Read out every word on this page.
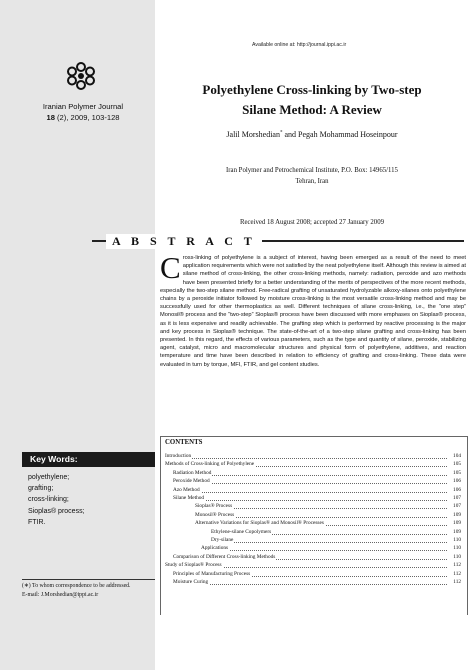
Iranian Polymer Journal
18 (2), 2009, 103-128
Available online at: http://journal.ippi.ac.ir
Polyethylene Cross-linking by Two-step
Silane Method: A Review
Jalil Morshedian* and Pegah Mohammad Hoseinpour
Iran Polymer and Petrochemical Institute, P.O. Box: 14965/115
Tehran, Iran
Received 18 August 2008; accepted 27 January 2009
A B S T R A C T
Cross-linking of polyethylene is a subject of interest, having been emerged as a result of the need to meet application requirements which were not satisfied by the neat polyethylene itself. Although this review is aimed at silane method of cross-linking, the other cross-linking methods, namely: radiation, peroxide and azo methods have been presented briefly for a better understanding of the merits of perspectives of the more recent methods, especially the two-step silane method. Free-radical grafting of unsaturated hydrolyzable alkoxy-silanes onto polyethylene chains by a peroxide initiator followed by moisture cross-linking is the most versatile cross-linking method and may be successfully used for other thermoplastics as well. Different techniques of silane cross-linking, i.e., the “one step” Monosil® process and the “two-step” Sioplas® process have been discussed with more emphases on Sioplas® process, as it is less expensive and readily achievable. The grafting step which is performed by reactive processing is the major and key process in Sioplas® technique. The state-of-the-art of a two-step silane grafting and cross-linking has been presented. In this regard, the effects of various parameters, such as the type and quantity of silane, peroxide, stabilizing agent, catalyst, micro and macromolecular structures and physical form of polyethylene, additives, and reaction temperature and time have been described in relation to efficiency of grafting and cross-linking. These data were evaluated in turn by torque, MFI, FTIR, and gel content studies.
Key Words:
polyethylene;
grafting;
cross-linking;
Sioplas® process;
FTIR.
CONTENTS
Introduction	104
Methods of Cross-linking of Polyethylene	105
Radiation Method	105
Peroxide Method	106
Azo Method	106
Silane Method	107
Sioplas® Process	107
Monosil® Process	109
Alternative Variations for Sioplas® and Monosil® Processes	109
Ethylene-silane Copolymers	109
Dry-silane	110
Applications	110
Comparison of Different Cross-linking Methods	110
Study of Sioplas® Process	112
Principles of Manufacturing Process	112
Moisture Curing	112
(∗) To whom correspondence to be addressed.
E-mail: J.Morshedian@ippi.ac.ir
